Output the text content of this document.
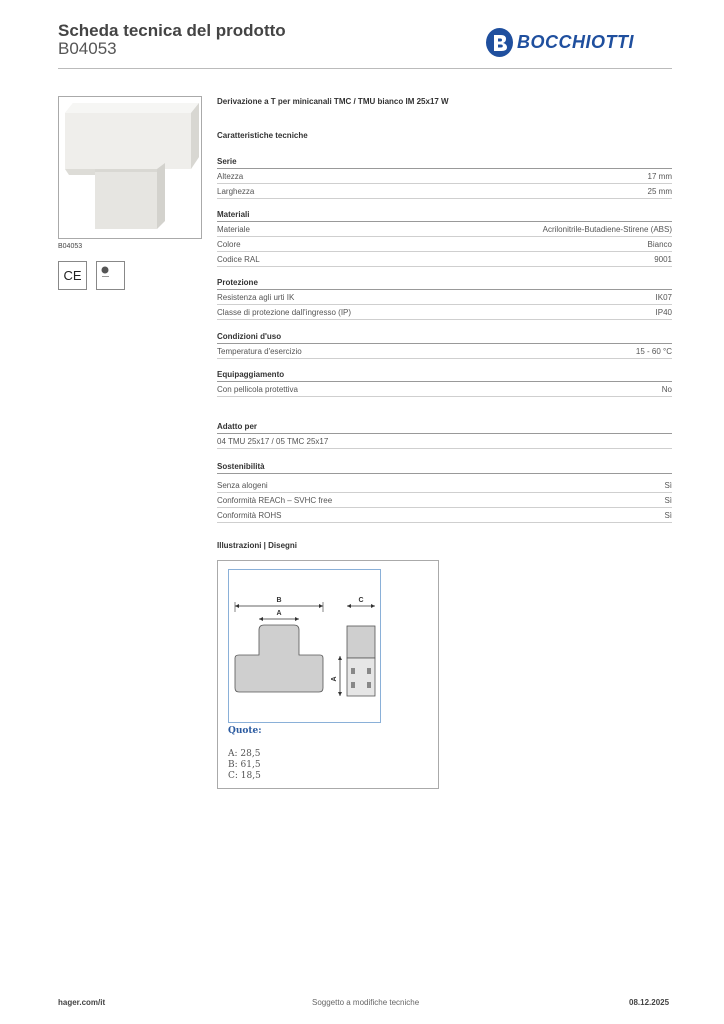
Scheda tecnica del prodotto
B04053	BOCCHIOTTI
B04053
CE
Derivazione a T per minicanali TMC / TMU bianco IM 25x17 W
Caratteristiche tecniche
Serie
Altezza	17 mm
Larghezza	25 mm
Materiali
Materiale	Acrilonitrile-Butadiene-Stirene (ABS)
Colore	Bianco
Codice RAL	9001
Protezione
Resistenza agli urti IK	IK07
Classe di protezione dall'ingresso (IP)	IP40
Condizioni d'uso
Temperatura d'esercizio	15 - 60 °C
Equipaggiamento
Con pellicola protettiva	No
Adatto per
04 TMU 25x17 / 05 TMC 25x17
Sostenibilità
Senza alogeni	Sì
Conformità REACh – SVHC free	Sì
Conformità ROHS	Sì
Illustrazioni | Disegni
B
A
C
A
Quote:
A: 28,5
B: 61,5
C: 18,5
hager.com/it	Soggetto a modifiche tecniche	08.12.2025
